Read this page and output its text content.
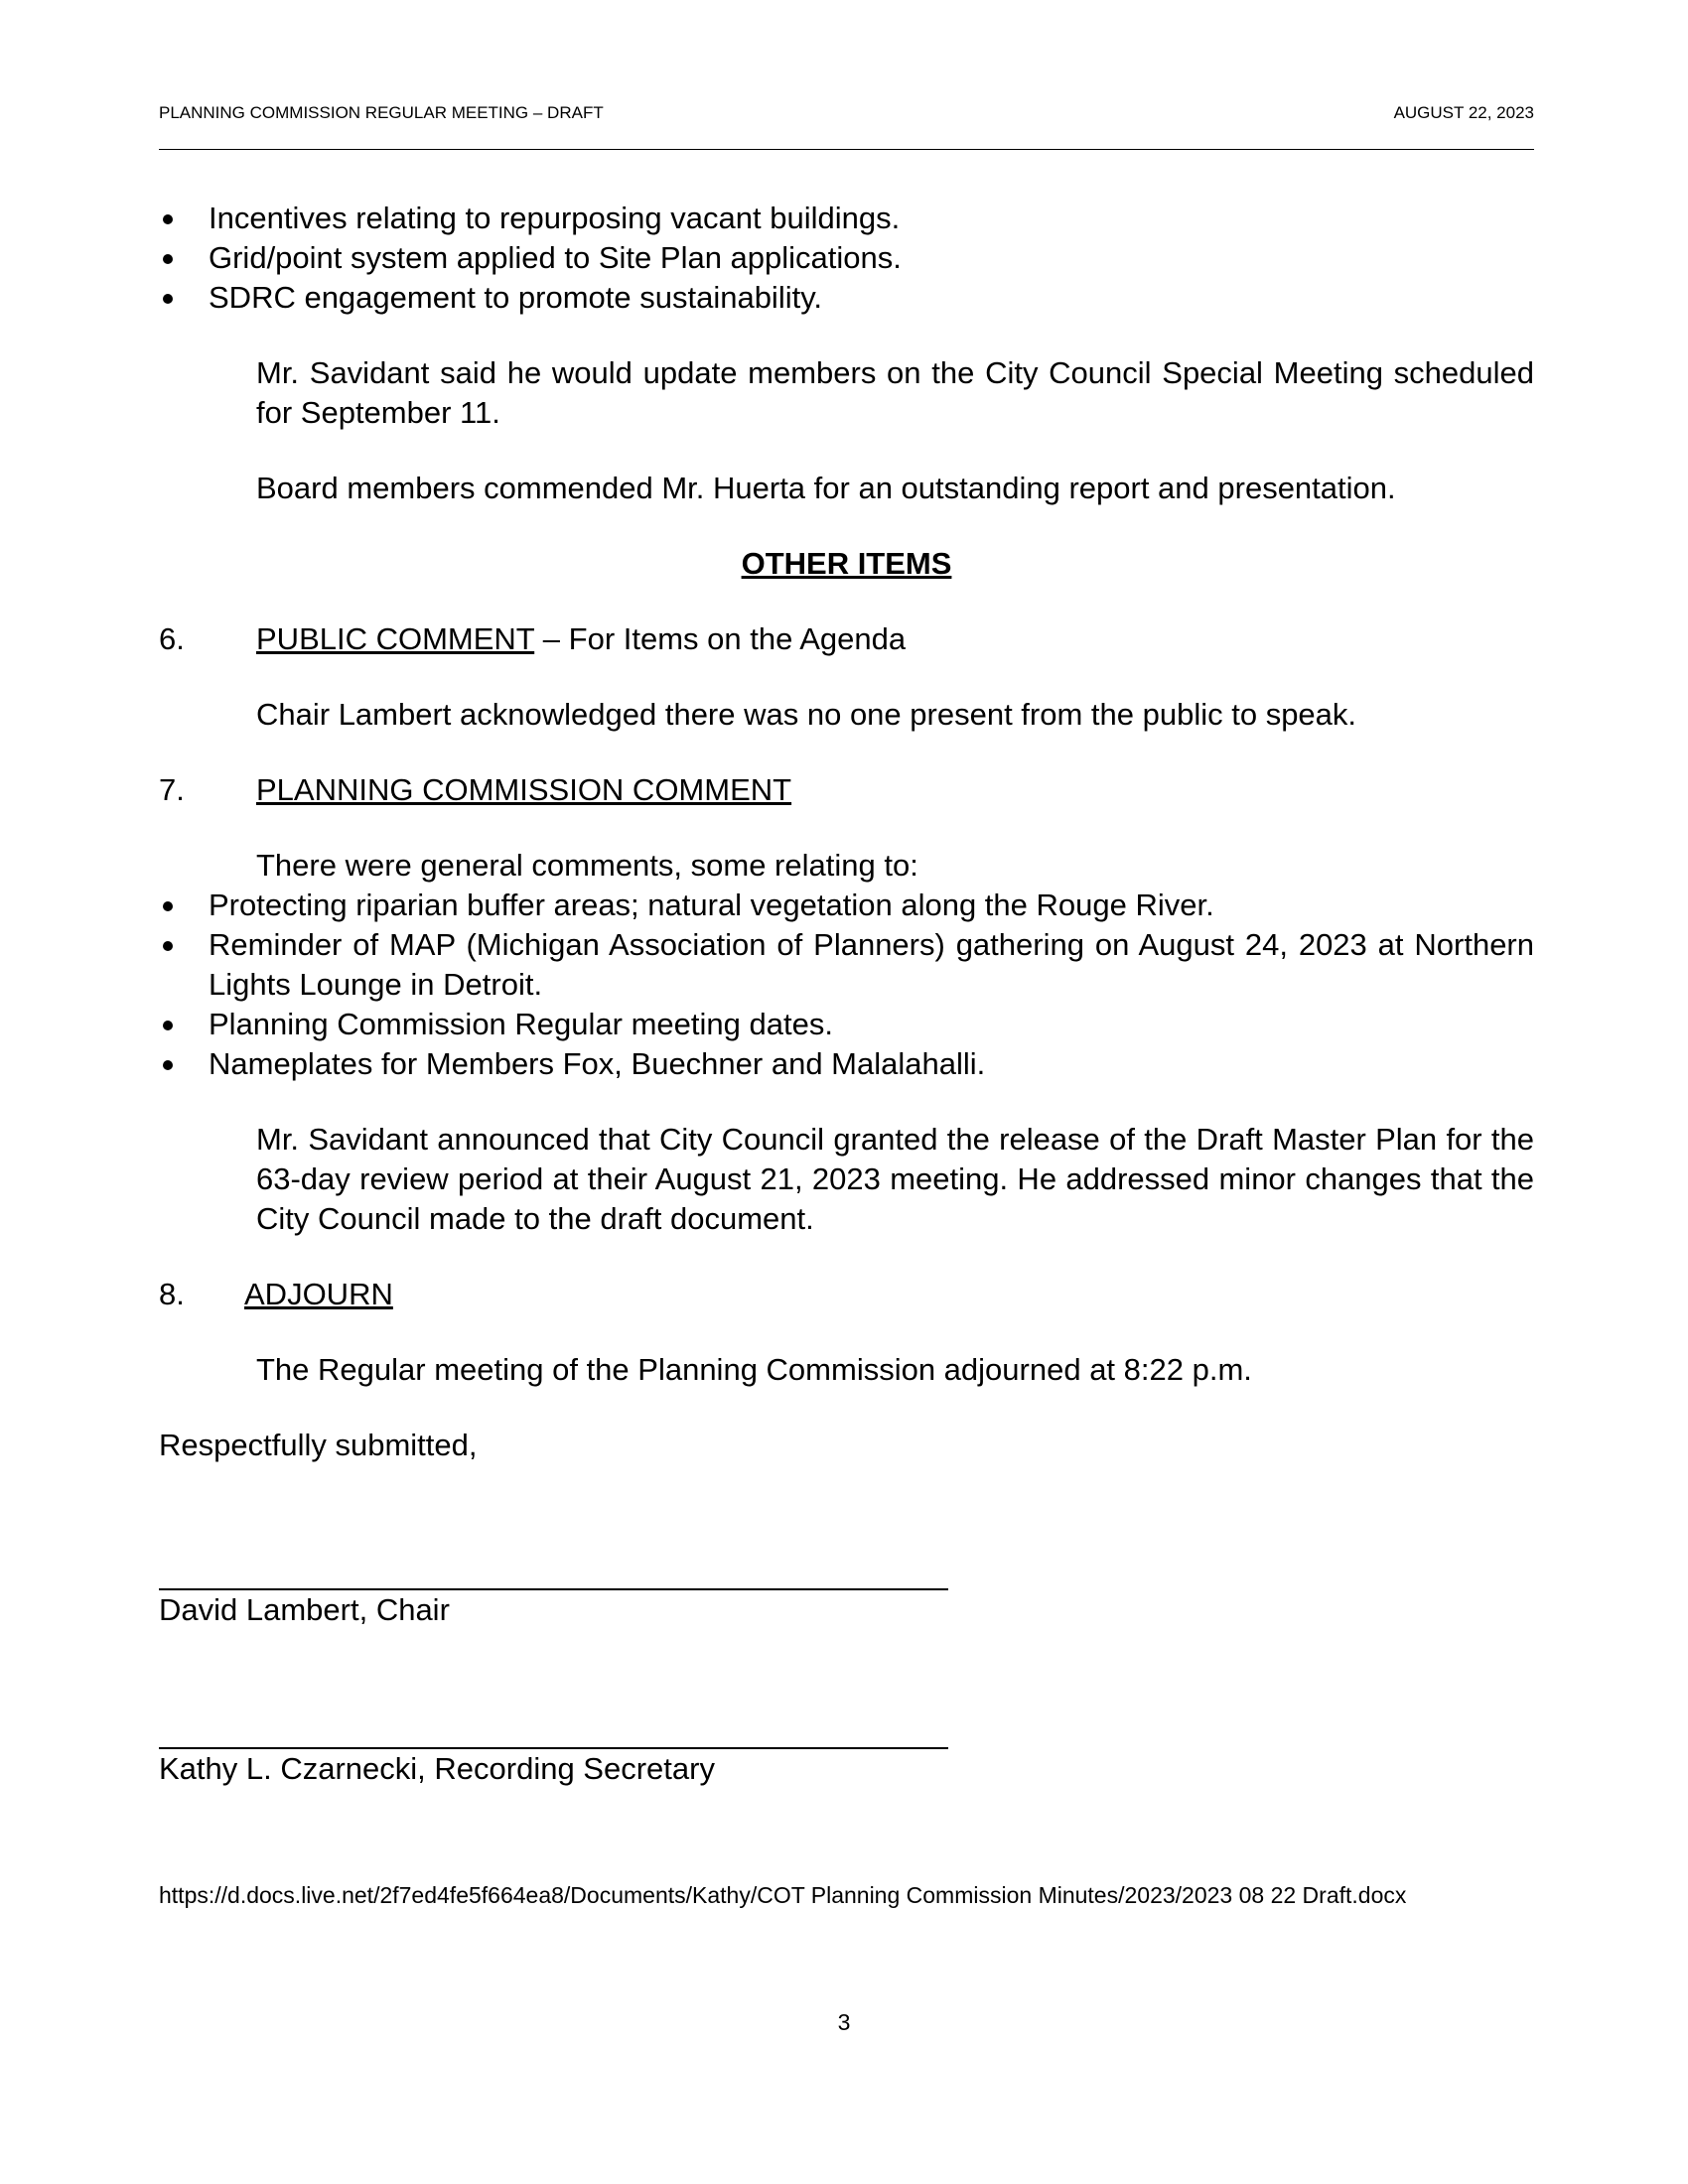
PLANNING COMMISSION REGULAR MEETING – DRAFT	AUGUST 22, 2023
Incentives relating to repurposing vacant buildings.
Grid/point system applied to Site Plan applications.
SDRC engagement to promote sustainability.
Mr. Savidant said he would update members on the City Council Special Meeting scheduled for September 11.
Board members commended Mr. Huerta for an outstanding report and presentation.
OTHER ITEMS
6.	PUBLIC COMMENT – For Items on the Agenda
Chair Lambert acknowledged there was no one present from the public to speak.
7.	PLANNING COMMISSION COMMENT
There were general comments, some relating to:
Protecting riparian buffer areas; natural vegetation along the Rouge River.
Reminder of MAP (Michigan Association of Planners) gathering on August 24, 2023 at Northern Lights Lounge in Detroit.
Planning Commission Regular meeting dates.
Nameplates for Members Fox, Buechner and Malalahalli.
Mr. Savidant announced that City Council granted the release of the Draft Master Plan for the 63-day review period at their August 21, 2023 meeting. He addressed minor changes that the City Council made to the draft document.
8.	ADJOURN
The Regular meeting of the Planning Commission adjourned at 8:22 p.m.
Respectfully submitted,
David Lambert, Chair
Kathy L. Czarnecki, Recording Secretary
https://d.docs.live.net/2f7ed4fe5f664ea8/Documents/Kathy/COT Planning Commission Minutes/2023/2023 08 22 Draft.docx
3
